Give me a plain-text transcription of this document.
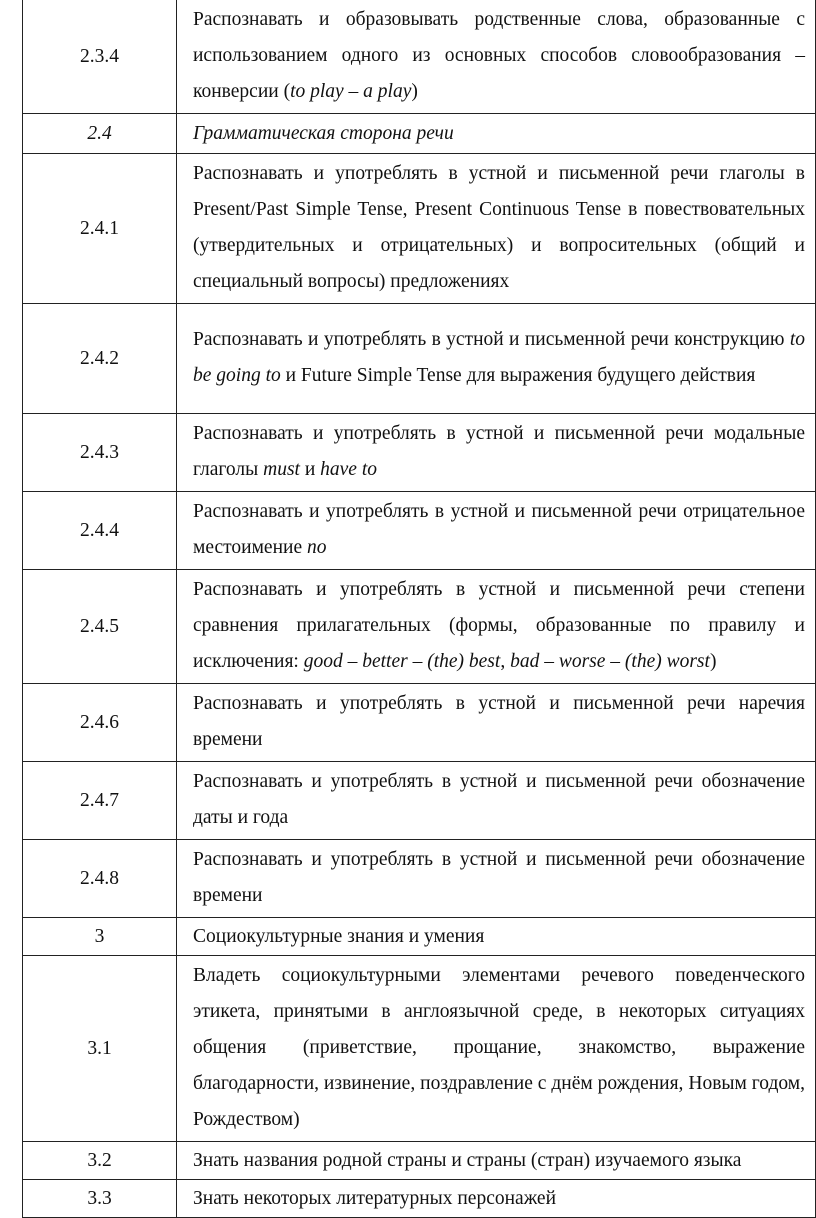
2.3.4	Распознавать и образовывать родственные слова, образованные с использованием одного из основных способов словообразования – конверсии (to play – a play)

2.4	Грамматическая сторона речи
2.4.1	Распознавать и употреблять в устной и письменной речи глаголы в Present/Past Simple Tense, Present Continuous Tense в повествовательных (утвердительных и отрицательных) и вопросительных (общий и специальный вопросы) предложениях

2.4.2	Распознавать и употреблять в устной и письменной речи конструкцию to be going to и Future Simple Tense для выражения будущего действия

2.4.3	Распознавать и употреблять в устной и письменной речи модальные глаголы must и have to

2.4.4	Распознавать и употреблять в устной и письменной речи отрицательное местоимение no

2.4.5	Распознавать и употреблять в устной и письменной речи степени сравнения прилагательных (формы, образованные по правилу и исключения: good – better – (the) best, bad – worse – (the) worst)

2.4.6	Распознавать и употреблять в устной и письменной речи наречия времени

2.4.7	Распознавать и употреблять в устной и письменной речи обозначение даты и года

2.4.8	Распознавать и употреблять в устной и письменной речи обозначение времени

3	Социокультурные знания и умения
3.1	Владеть социокультурными элементами речевого поведенческого этикета, принятыми в англоязычной среде, в некоторых ситуациях общения (приветствие, прощание, знакомство, выражение благодарности, извинение, поздравление с днём рождения, Новым годом, Рождеством)

3.2	Знать названия родной страны и страны (стран) изучаемого языка
3.3	Знать некоторых литературных персонажей
